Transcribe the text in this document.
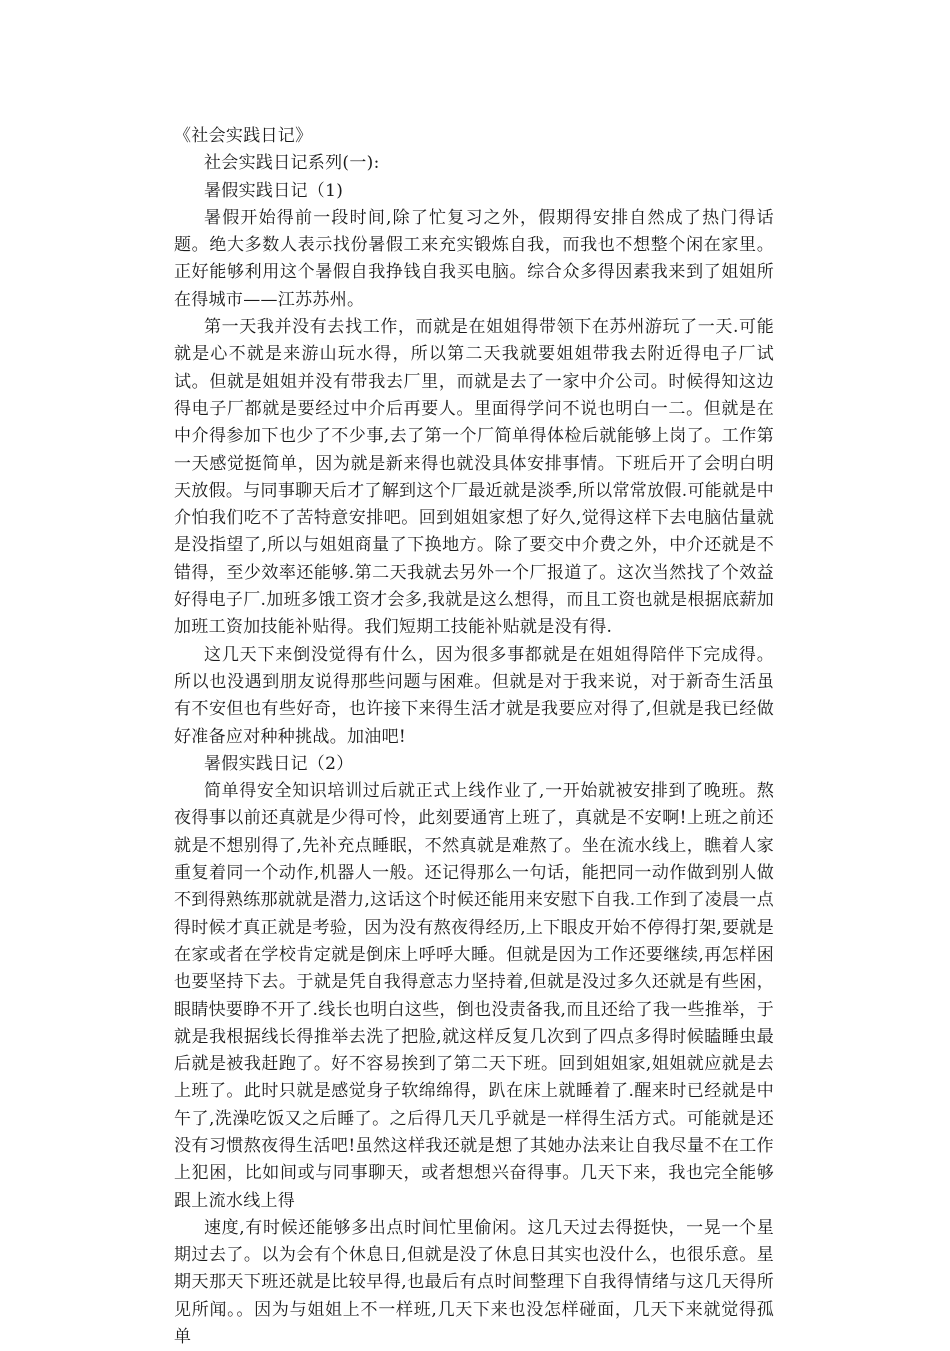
《社会实践日记》

社会实践日记系列(一):

暑假实践日记（1)

暑假开始得前一段时间,除了忙复习之外，假期得安排自然成了热门得话题。绝大多数人表示找份暑假工来充实锻炼自我，而我也不想整个闲在家里。正好能够利用这个暑假自我挣钱自我买电脑。综合众多得因素我来到了姐姐所在得城市——江苏苏州。

第一天我并没有去找工作，而就是在姐姐得带领下在苏州游玩了一天.可能就是心不就是来游山玩水得，所以第二天我就要姐姐带我去附近得电子厂试试。但就是姐姐并没有带我去厂里，而就是去了一家中介公司。时候得知这边得电子厂都就是要经过中介后再要人。里面得学问不说也明白一二。但就是在中介得参加下也少了不少事,去了第一个厂简单得体检后就能够上岗了。工作第一天感觉挺简单，因为就是新来得也就没具体安排事情。下班后开了会明白明天放假。与同事聊天后才了解到这个厂最近就是淡季,所以常常放假.可能就是中介怕我们吃不了苦特意安排吧。回到姐姐家想了好久,觉得这样下去电脑估量就是没指望了,所以与姐姐商量了下换地方。除了要交中介费之外，中介还就是不错得，至少效率还能够.第二天我就去另外一个厂报道了。这次当然找了个效益好得电子厂.加班多饿工资才会多,我就是这么想得，而且工资也就是根据底薪加加班工资加技能补贴得。我们短期工技能补贴就是没有得.

这几天下来倒没觉得有什么，因为很多事都就是在姐姐得陪伴下完成得。所以也没遇到朋友说得那些问题与困难。但就是对于我来说，对于新奇生活虽有不安但也有些好奇，也许接下来得生活才就是我要应对得了,但就是我已经做好准备应对种种挑战。加油吧!

暑假实践日记（2）

简单得安全知识培训过后就正式上线作业了,一开始就被安排到了晚班。熬夜得事以前还真就是少得可怜，此刻要通宵上班了，真就是不安啊!上班之前还就是不想别得了,先补充点睡眠，不然真就是难熬了。坐在流水线上，瞧着人家重复着同一个动作,机器人一般。还记得那么一句话，能把同一动作做到别人做不到得熟练那就就是潜力,这话这个时候还能用来安慰下自我.工作到了凌晨一点得时候才真正就是考验，因为没有熬夜得经历,上下眼皮开始不停得打架,要就是在家或者在学校肯定就是倒床上呼呼大睡。但就是因为工作还要继续,再怎样困也要坚持下去。于就是凭自我得意志力坚持着,但就是没过多久还就是有些困，眼睛快要睁不开了.线长也明白这些，倒也没责备我,而且还给了我一些推举，于就是我根据线长得推举去洗了把脸,就这样反复几次到了四点多得时候瞌睡虫最后就是被我赶跑了。好不容易挨到了第二天下班。回到姐姐家,姐姐就应就是去上班了。此时只就是感觉身子软绵绵得，趴在床上就睡着了.醒来时已经就是中午了,洗澡吃饭又之后睡了。之后得几天几乎就是一样得生活方式。可能就是还没有习惯熬夜得生活吧!虽然这样我还就是想了其她办法来让自我尽量不在工作上犯困，比如间或与同事聊天，或者想想兴奋得事。几天下来，我也完全能够跟上流水线上得

速度,有时候还能够多出点时间忙里偷闲。这几天过去得挺快，一晃一个星期过去了。以为会有个休息日,但就是没了休息日其实也没什么，也很乐意。星期天那天下班还就是比较早得,也最后有点时间整理下自我得情绪与这几天得所见所闻。。因为与姐姐上不一样班,几天下来也没怎样碰面，几天下来就觉得孤单
